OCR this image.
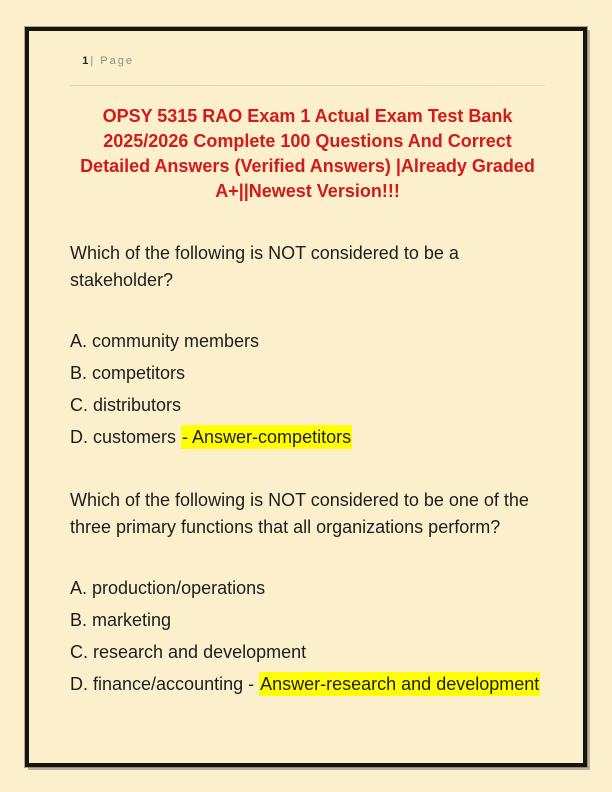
1 | Page

OPSY 5315 RAO Exam 1 Actual Exam Test Bank
2025/2026 Complete 100 Questions And Correct
Detailed Answers (Verified Answers) |Already Graded
A+||Newest Version!!!
Which of the following is NOT considered to be a
stakeholder?

A. community members

B. competitors

C. distributors

D. customers - Answer-competitors

Which of the following is NOT considered to be one of the
three primary functions that all organizations perform?

A. production/operations

B. marketing

C. research and development

D. finance/accounting - Answer-research and development
